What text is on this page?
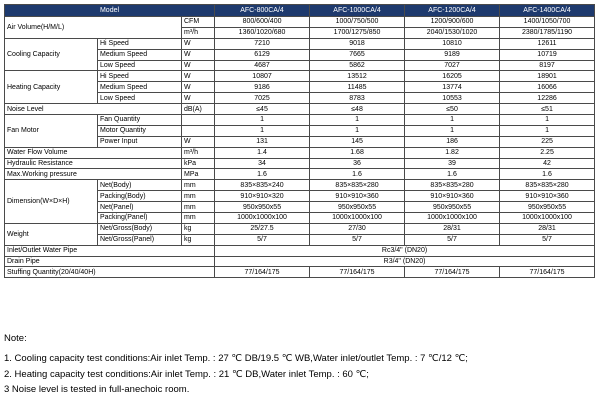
Model			AFC-800CA/4	AFC-1000CA/4	AFC-1200CA/4	AFC-1400CA/4
Air Volume(H/M/L)		CFM	800/600/400	1000/750/500	1200/900/600	1400/1050/700
		m³/h	1360/1020/680	1700/1275/850	2040/1530/1020	2380/1785/1190
Cooling Capacity	Hi Speed	W	7210	9018	10810	12611
	Medium Speed	W	6129	7665	9189	10719
	Low Speed	W	4687	5862	7027	8197
Heating Capacity	Hi Speed	W	10807	13512	16205	18901
	Medium Speed	W	9186	11485	13774	16066
	Low Speed	W	7025	8783	10553	12286
Noise Level		dB(A)	≤45	≤48	≤50	≤51
Fan Motor	Fan Quantity		1	1	1	1
	Motor Quantity		1	1	1	1
	Power Input	W	131	145	186	225
Water Flow Volume		m³/h	1.4	1.68	1.82	2.25
Hydraulic Resistance		kPa	34	36	39	42
Max.Working pressure		MPa	1.6	1.6	1.6	1.6
Dimension(W×D×H)	Net(Body)	mm	835×835×240	835×835×280	835×835×280	835×835×280
	Packing(Body)	mm	910×910×320	910×910×360	910×910×360	910×910×360
	Net(Panel)	mm	950x950x55	950x950x55	950x950x55	950x950x55
	Packing(Panel)	mm	1000x1000x100	1000x1000x100	1000x1000x100	1000x1000x100
Weight	Net/Gross(Body)	kg	25/27.5	27/30	28/31	28/31
	Net/Gross(Panel)	kg	5/7	5/7	5/7	5/7
Inlet/Outlet Water Pipe			Rc3/4" (DN20)			
Drain Pipe			R3/4" (DN20)			
Stuffing Quantity(20/40/40H)			77/164/175	77/164/175	77/164/175	77/164/175
Note:
1. Cooling capacity test conditions:Air inlet Temp. : 27 ℃ DB/19.5 ℃ WB,Water inlet/outlet Temp. : 7 ℃/12 ℃;
2. Heating capacity test conditions:Air inlet Temp. : 21 ℃ DB,Water inlet Temp. : 60 ℃;
3 Noise level is tested in full-anechoic room.
